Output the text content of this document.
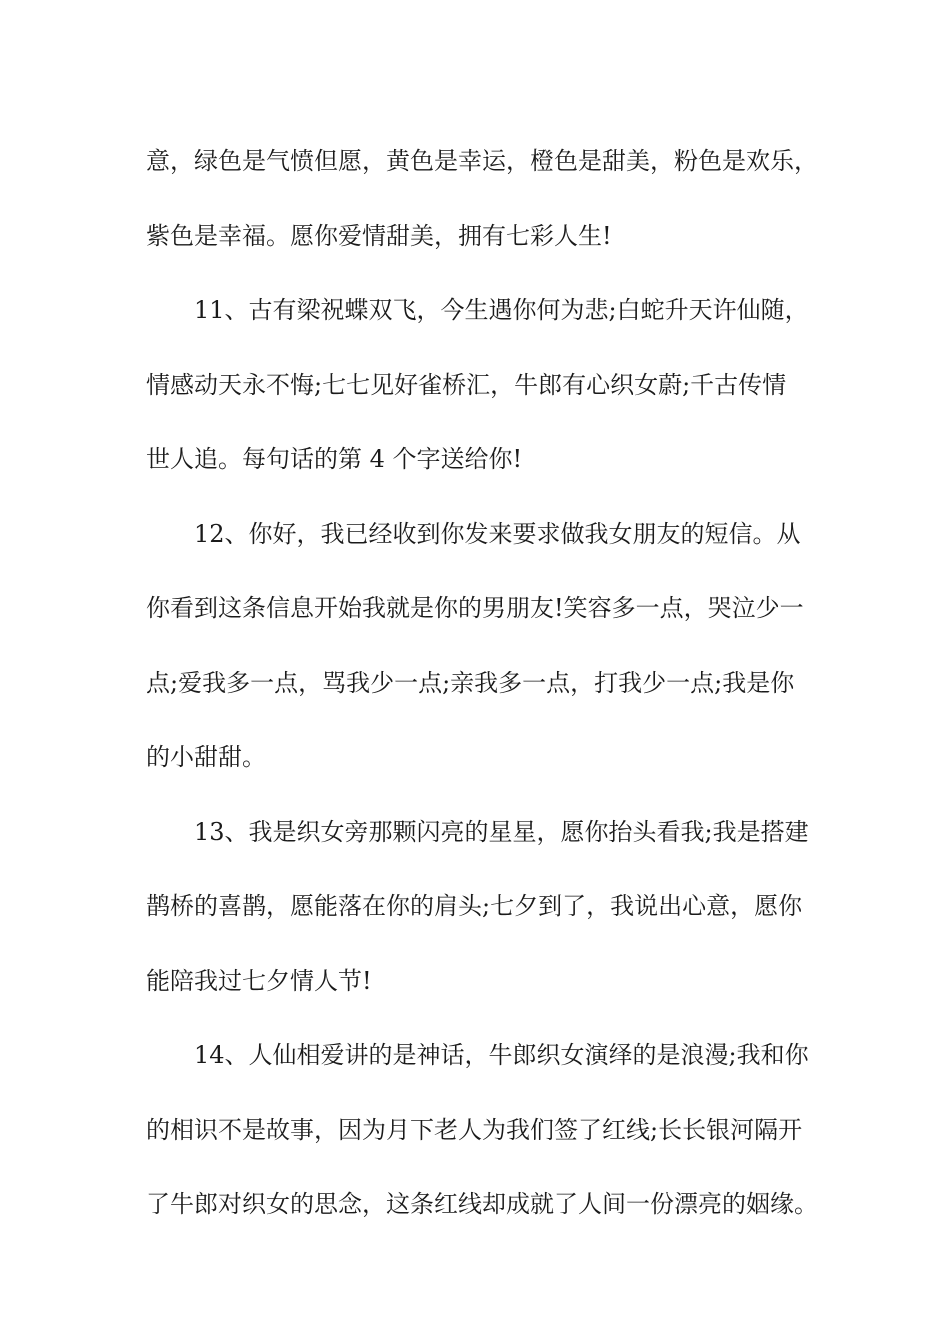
意，绿色是气愤但愿，黄色是幸运，橙色是甜美，粉色是欢乐，
紫色是幸福。愿你爱情甜美，拥有七彩人生!
11、古有梁祝蝶双飞，今生遇你何为悲;白蛇升天许仙随，
情感动天永不悔;七七见好雀桥汇，牛郎有心织女蔚;千古传情
世人追。每句话的第 4 个字送给你!
12、你好，我已经收到你发来要求做我女朋友的短信。从
你看到这条信息开始我就是你的男朋友!笑容多一点，哭泣少一
点;爱我多一点，骂我少一点;亲我多一点，打我少一点;我是你
的小甜甜。
13、我是织女旁那颗闪亮的星星，愿你抬头看我;我是搭建
鹊桥的喜鹊，愿能落在你的肩头;七夕到了，我说出心意，愿你
能陪我过七夕情人节!
14、人仙相爱讲的是神话，牛郎织女演绎的是浪漫;我和你
的相识不是故事，因为月下老人为我们签了红线;长长银河隔开
了牛郎对织女的思念，这条红线却成就了人间一份漂亮的姻缘。
